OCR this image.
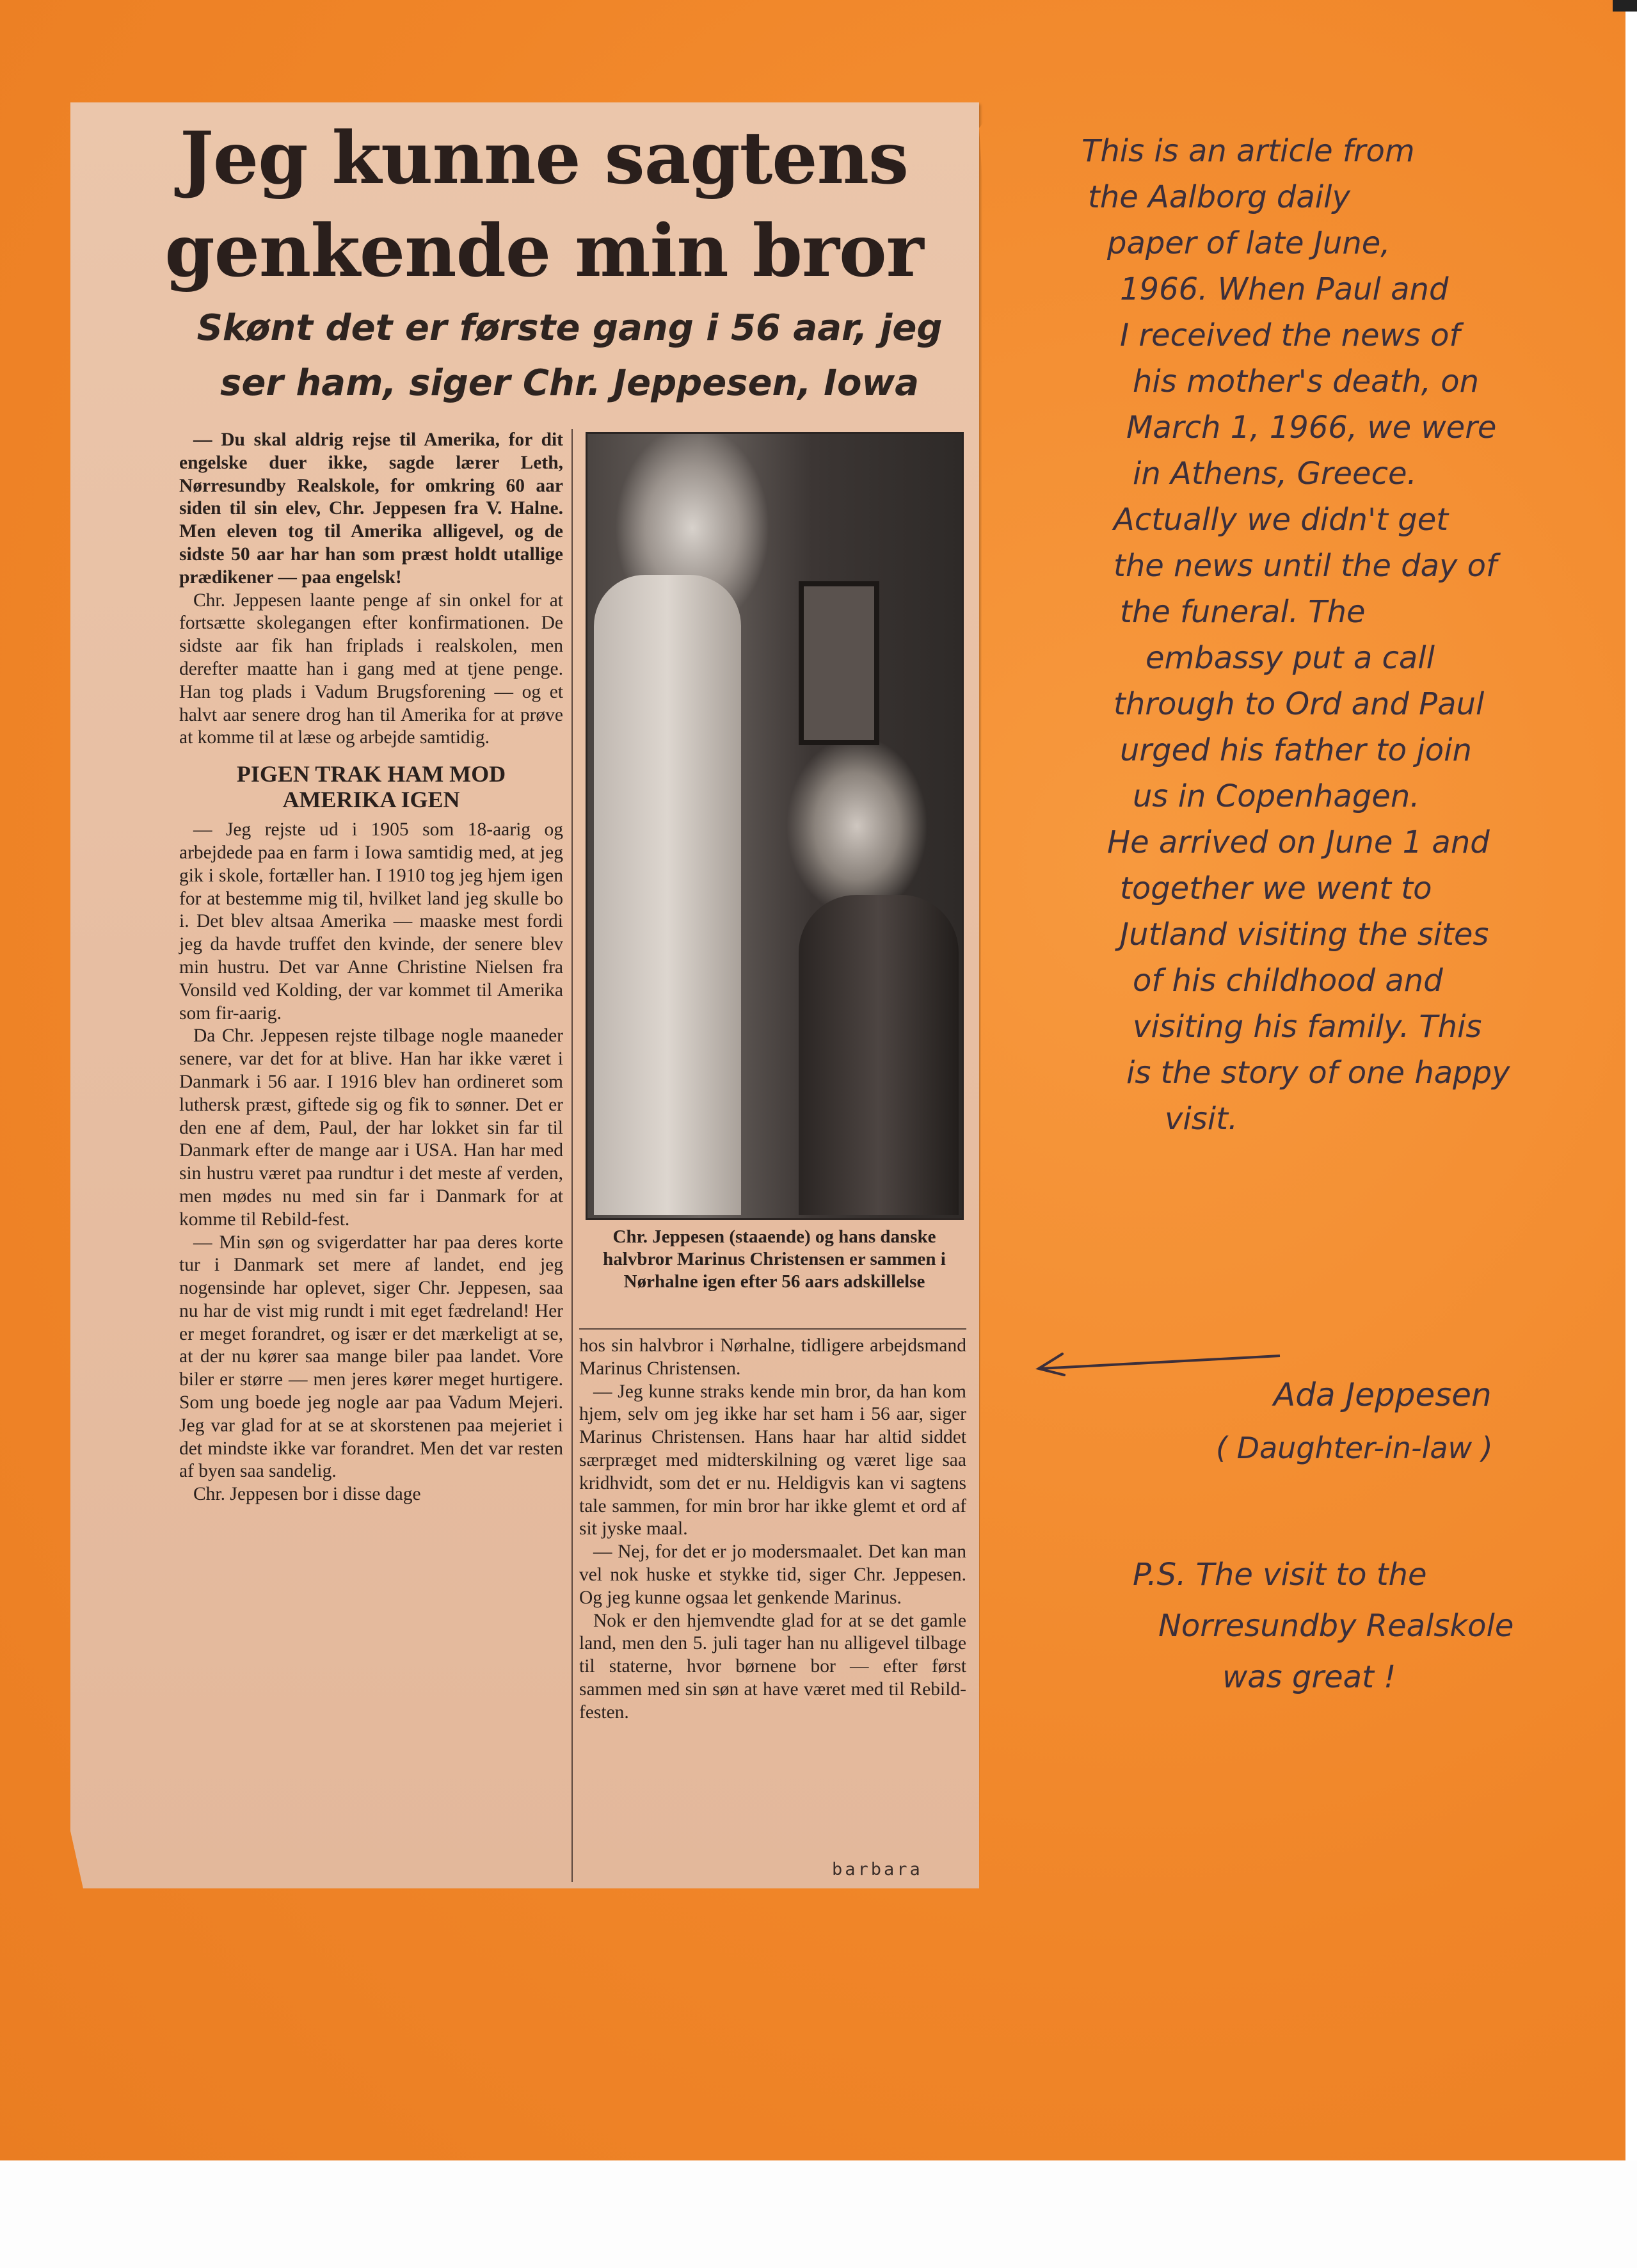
Jeg kunne sagtens genkende min bror
Skønt det er første gang i 56 aar, jeg ser ham, siger Chr. Jeppesen, Iowa

— Du skal aldrig rejse til Amerika, for dit engelske duer ikke, sagde lærer Leth, Nørresundby Realskole, for omkring 60 aar siden til sin elev, Chr. Jeppesen fra V. Halne. Men eleven tog til Amerika alligevel, og de sidste 50 aar har han som præst holdt utallige prædikener — paa engelsk!

Chr. Jeppesen laante penge af sin onkel for at fortsætte skolegangen efter konfirmationen. De sidste aar fik han friplads i realskolen, men derefter maatte han i gang med at tjene penge. Han tog plads i Vadum Brugsforening — og et halvt aar senere drog han til Amerika for at prøve at komme til at læse og arbejde samtidig.

PIGEN TRAK HAM MOD AMERIKA IGEN

— Jeg rejste ud i 1905 som 18-aarig og arbejdede paa en farm i Iowa samtidig med, at jeg gik i skole, fortæller han. I 1910 tog jeg hjem igen for at bestemme mig til, hvilket land jeg skulle bo i. Det blev altsaa Amerika — maaske mest fordi jeg da havde truffet den kvinde, der senere blev min hustru. Det var Anne Christine Nielsen fra Vonsild ved Kolding, der var kommet til Amerika som fir-aarig.

Da Chr. Jeppesen rejste tilbage nogle maaneder senere, var det for at blive. Han har ikke været i Danmark i 56 aar. I 1916 blev han ordineret som luthersk præst, giftede sig og fik to sønner. Det er den ene af dem, Paul, der har lokket sin far til Danmark efter de mange aar i USA. Han har med sin hustru været paa rundtur i det meste af verden, men mødes nu med sin far i Danmark for at komme til Rebild-fest.

— Min søn og svigerdatter har paa deres korte tur i Danmark set mere af landet, end jeg nogensinde har oplevet, siger Chr. Jeppesen, saa nu har de vist mig rundt i mit eget fædreland! Her er meget forandret, og især er det mærkeligt at se, at der nu kører saa mange biler paa landet. Vore biler er større — men jeres kører meget hurtigere. Som ung boede jeg nogle aar paa Vadum Mejeri. Jeg var glad for at se at skorstenen paa mejeriet i det mindste ikke var forandret. Men det var resten af byen saa sandelig.

Chr. Jeppesen bor i disse dage

Chr. Jeppesen (staaende) og hans danske halvbror Marinus Christensen er sammen i Nørhalne igen efter 56 aars adskillelse

hos sin halvbror i Nørhalne, tidligere arbejdsmand Marinus Christensen.

— Jeg kunne straks kende min bror, da han kom hjem, selv om jeg ikke har set ham i 56 aar, siger Marinus Christensen. Hans haar har altid siddet særpræget med midterskilning og været lige saa kridhvidt, som det er nu. Heldigvis kan vi sagtens tale sammen, for min bror har ikke glemt et ord af sit jyske maal.

— Nej, for det er jo modersmaalet. Det kan man vel nok huske et stykke tid, siger Chr. Jeppesen. Og jeg kunne ogsaa let genkende Marinus.

Nok er den hjemvendte glad for at se det gamle land, men den 5. juli tager han nu alligevel tilbage til staterne, hvor børnene bor — efter først sammen med sin søn at have været med til Rebild-festen.

barbara
This is an article from
the Aalborg daily
paper of late June,
1966. When Paul and
I received the news of
his mother's death, on
March 1, 1966, we were
in Athens, Greece.
Actually we didn't get
the news until the day of
the funeral. The
embassy put a call
through to Ord and Paul
urged his father to join
us in Copenhagen.
He arrived on June 1 and
together we went to
Jutland visiting the sites
of his childhood and
visiting his family. This
is the story of one happy
visit.
Ada Jeppesen
( Daughter-in-law )
P.S. The visit to the
Norresundby Realskole
was great !
